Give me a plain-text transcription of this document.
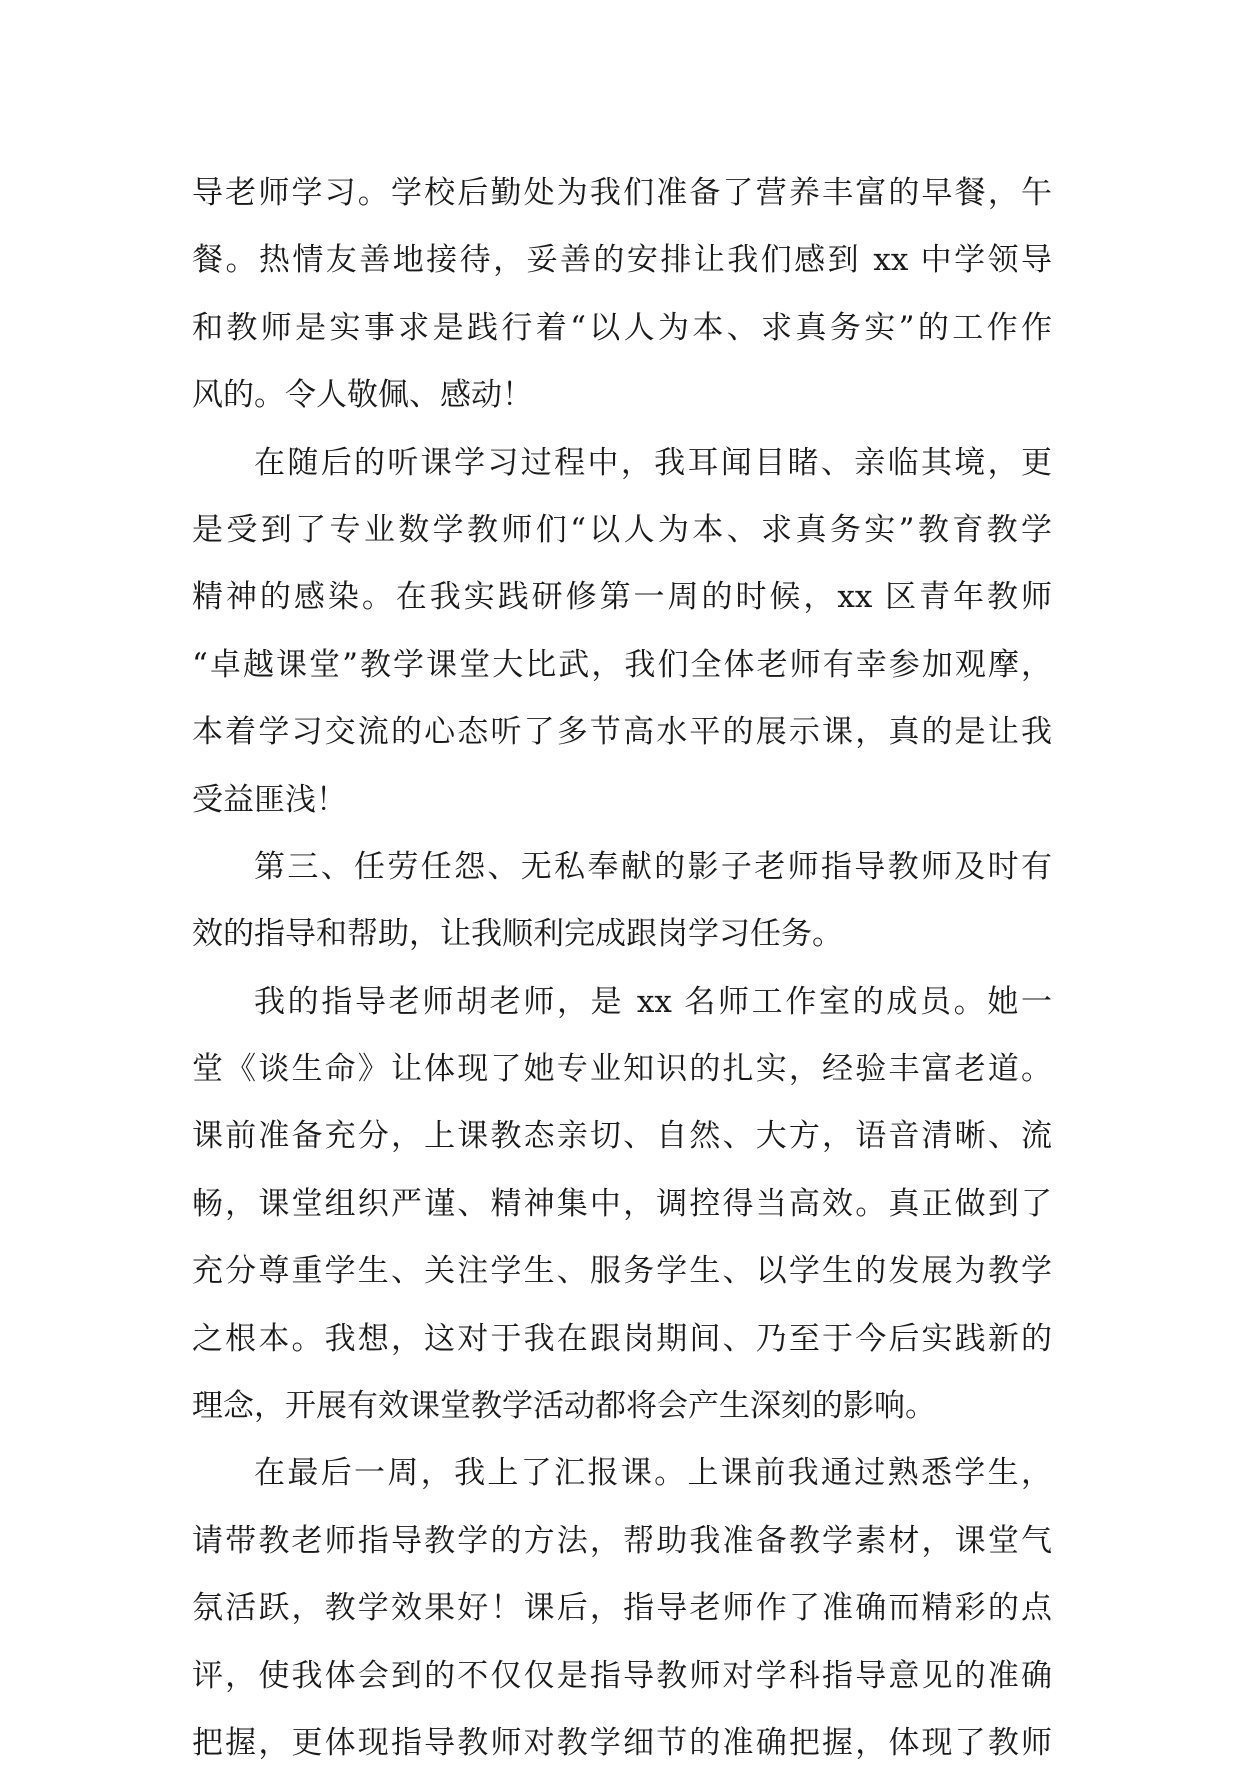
导老师学习。学校后勤处为我们准备了营养丰富的早餐，午
餐。热情友善地接待，妥善的安排让我们感到 xx 中学领导
和教师是实事求是践行着“以人为本、求真务实”的工作作
风的。令人敬佩、感动！
在随后的听课学习过程中，我耳闻目睹、亲临其境，更
是受到了专业数学教师们“以人为本、求真务实”教育教学
精神的感染。在我实践研修第一周的时候，xx 区青年教师
“卓越课堂”教学课堂大比武，我们全体老师有幸参加观摩，
本着学习交流的心态听了多节高水平的展示课，真的是让我
受益匪浅！
第三、任劳任怨、无私奉献的影子老师指导教师及时有
效的指导和帮助，让我顺利完成跟岗学习任务。
我的指导老师胡老师，是 xx 名师工作室的成员。她一
堂《谈生命》让体现了她专业知识的扎实，经验丰富老道。
课前准备充分，上课教态亲切、自然、大方，语音清晰、流
畅，课堂组织严谨、精神集中，调控得当高效。真正做到了
充分尊重学生、关注学生、服务学生、以学生的发展为教学
之根本。我想，这对于我在跟岗期间、乃至于今后实践新的
理念，开展有效课堂教学活动都将会产生深刻的影响。
在最后一周，我上了汇报课。上课前我通过熟悉学生，
请带教老师指导教学的方法，帮助我准备教学素材，课堂气
氛活跃，教学效果好！课后，指导老师作了准确而精彩的点
评，使我体会到的不仅仅是指导教师对学科指导意见的准确
把握，更体现指导教师对教学细节的准确把握，体现了教师
